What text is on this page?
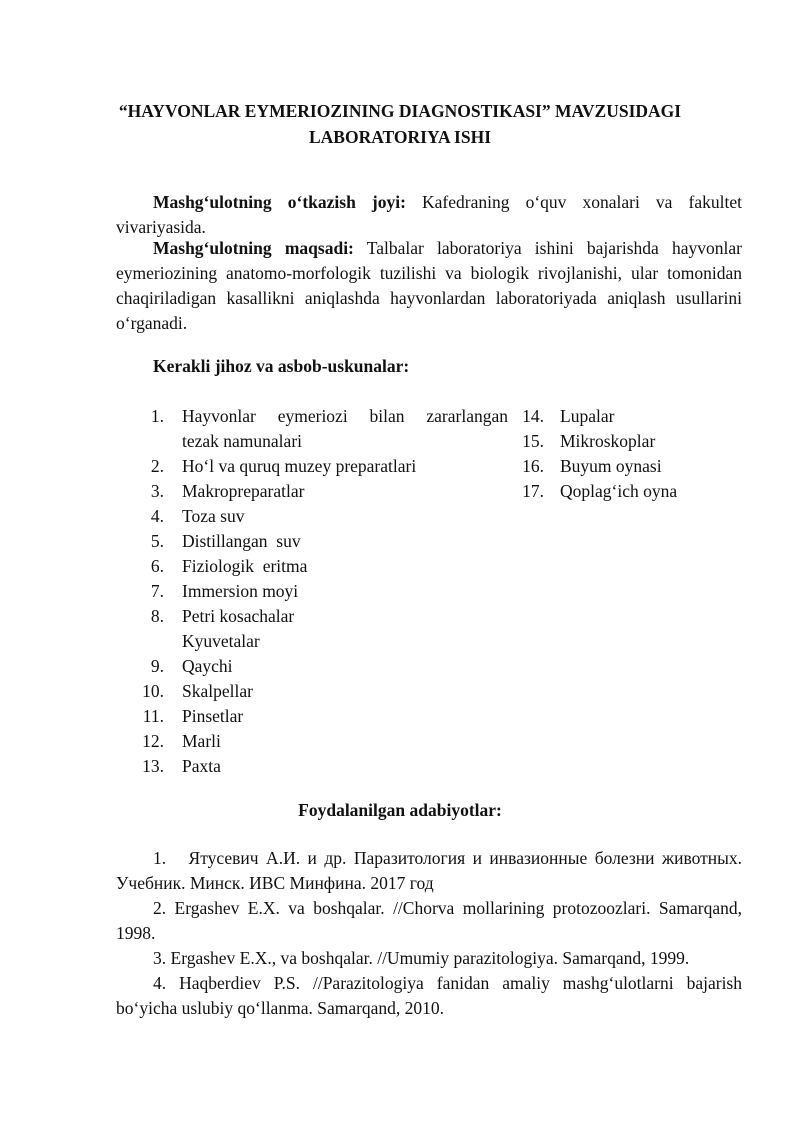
“HAYVONLAR EYMERIOZINING DIAGNOSTIKASI” MAVZUSIDAGI
LABORATORIYA ISHI

Mashg‘ulotning o‘tkazish joyi: Kafedraning o‘quv xonalari va fakultet vivariyasida.

Mashg‘ulotning maqsadi: Talbalar laboratoriya ishini bajarishda hayvonlar eymeriozining anatomo-morfologik tuzilishi va biologik rivojlanishi, ular tomonidan chaqiriladigan kasallikni aniqlashda hayvonlardan laboratoriyada aniqlash usullarini o‘rganadi.

Kerakli jihoz va asbob-uskunalar:
1. Hayvonlar eymeriozi bilan zararlangan
tezak namunalari
2. Ho‘l va quruq muzey preparatlari
3. Makropreparatlar
4. Toza suv
5. Distillangan  suv
6. Fiziologik  eritma
7. Immersion moyi
8. Petri kosachalar
Kyuvetalar
9. Qaychi
10. Skalpellar
11. Pinsetlar
12. Marli
13. Paxta
14. Lupalar
15. Mikroskoplar
16. Buyum oynasi
17. Qoplag‘ich oyna
Foydalanilgan adabiyotlar:

1.   Ятусевич А.И. и др. Паразитология и инвазионные болезни животных. Учебник. Минск. ИВС Минфина. 2017 год

2. Ergashev E.X. va boshqalar. //Chorva mollarining protozoozlari. Samarqand, 1998.

3. Ergashev E.X., va boshqalar. //Umumiy parazitologiya. Samarqand, 1999.

4. Haqberdiev P.S. //Parazitologiya fanidan amaliy mashg‘ulotlarni bajarish bo‘yicha uslubiy qo‘llanma. Samarqand, 2010.
